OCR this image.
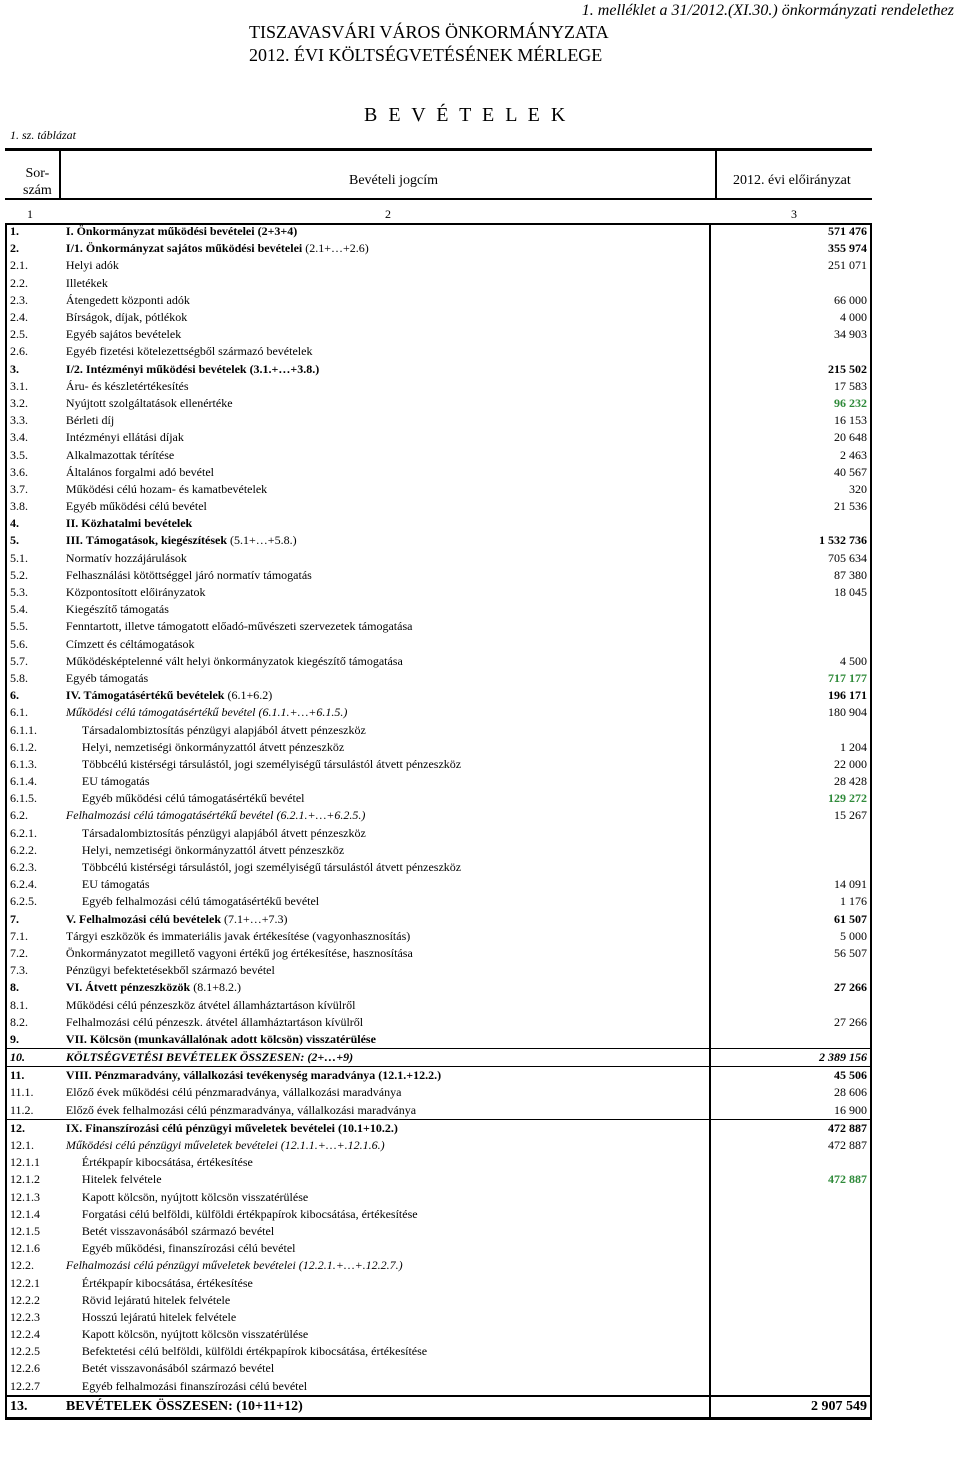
1. melléklet a 31/2012.(XI.30.) önkormányzati rendelethez
TISZAVASVÁRI VÁROS ÖNKORMÁNYZATA
2012. ÉVI KÖLTSÉGVETÉSÉNEK MÉRLEGE
B E V É T E L E K
1. sz. táblázat
Sor-
szám
Bevételi jogcím	2012. évi előirányzat
1	2	3
1.	I. Önkormányzat működési bevételei (2+3+4)	571 476
2.	I/1. Önkormányzat sajátos működési bevételei (2.1+…+2.6)	355 974
2.1.	Helyi adók	251 071
2.2.	Illetékek	
2.3.	Átengedett központi adók	66 000
2.4.	Bírságok, díjak, pótlékok	4 000
2.5.	Egyéb sajátos bevételek	34 903
2.6.	Egyéb fizetési kötelezettségből származó bevételek	
3.	I/2. Intézményi működési bevételek (3.1.+…+3.8.)	215 502
3.1.	Áru- és készletértékesítés	17 583
3.2.	Nyújtott szolgáltatások ellenértéke	96 232
3.3.	Bérleti díj	16 153
3.4.	Intézményi ellátási díjak	20 648
3.5.	Alkalmazottak térítése	2 463
3.6.	Általános forgalmi adó bevétel	40 567
3.7.	Működési célú hozam- és kamatbevételek	320
3.8.	Egyéb működési célú bevétel	21 536
4.	II. Közhatalmi bevételek	
5.	III. Támogatások, kiegészítések (5.1+…+5.8.)	1 532 736
5.1.	Normatív hozzájárulások	705 634
5.2.	Felhasználási kötöttséggel járó normatív támogatás	87 380
5.3.	Központosított előirányzatok	18 045
5.4.	Kiegészítő támogatás	
5.5.	Fenntartott, illetve támogatott előadó-művészeti szervezetek támogatása	
5.6.	Címzett és céltámogatások	
5.7.	Működésképtelenné vált helyi önkormányzatok kiegészítő támogatása	4 500
5.8.	Egyéb támogatás	717 177
6.	IV. Támogatásértékű bevételek (6.1+6.2)	196 171
6.1.	Működési célú támogatásértékű bevétel (6.1.1.+…+6.1.5.)	180 904
6.1.1.	Társadalombiztosítás pénzügyi alapjából átvett pénzeszköz	
6.1.2.	Helyi, nemzetiségi önkormányzattól átvett pénzeszköz	1 204
6.1.3.	Többcélú kistérségi társulástól, jogi személyiségű társulástól átvett pénzeszköz	22 000
6.1.4.	EU támogatás	28 428
6.1.5.	Egyéb működési célú támogatásértékű bevétel	129 272
6.2.	Felhalmozási célú támogatásértékű bevétel (6.2.1.+…+6.2.5.)	15 267
6.2.1.	Társadalombiztosítás pénzügyi alapjából átvett pénzeszköz	
6.2.2.	Helyi, nemzetiségi önkormányzattól átvett pénzeszköz	
6.2.3.	Többcélú kistérségi társulástól, jogi személyiségű társulástól átvett pénzeszköz	
6.2.4.	EU támogatás	14 091
6.2.5.	Egyéb felhalmozási célú támogatásértékű bevétel	1 176
7.	V. Felhalmozási célú bevételek (7.1+…+7.3)	61 507
7.1.	Tárgyi eszközök és immateriális javak értékesítése (vagyonhasznosítás)	5 000
7.2.	Önkormányzatot megillető vagyoni értékű jog értékesítése, hasznosítása	56 507
7.3.	Pénzügyi befektetésekből származó bevétel	
8.	VI. Átvett pénzeszközök (8.1+8.2.)	27 266
8.1.	Működési célú pénzeszköz átvétel államháztartáson kívülről	
8.2.	Felhalmozási célú pénzeszk. átvétel államháztartáson kívülről	27 266
9.	VII. Kölcsön (munkavállalónak adott kölcsön) visszatérülése	
10.	KÖLTSÉGVETÉSI BEVÉTELEK ÖSSZESEN: (2+…+9)	2 389 156
11.	VIII. Pénzmaradvány, vállalkozási tevékenység maradványa (12.1.+12.2.)	45 506
11.1.	Előző évek működési célú pénzmaradványa, vállalkozási maradványa	28 606
11.2.	Előző évek felhalmozási célú pénzmaradványa, vállalkozási maradványa	16 900
12.	IX. Finanszírozási célú pénzügyi műveletek bevételei (10.1+10.2.)	472 887
12.1.	Működési célú pénzügyi műveletek bevételei (12.1.1.+…+.12.1.6.)	472 887
12.1.1	Értékpapír kibocsátása, értékesítése	
12.1.2	Hitelek felvétele	472 887
12.1.3	Kapott kölcsön, nyújtott kölcsön visszatérülése	
12.1.4	Forgatási célú belföldi, külföldi értékpapírok kibocsátása, értékesítése	
12.1.5	Betét visszavonásából származó bevétel	
12.1.6	Egyéb működési, finanszírozási célú bevétel	
12.2.	Felhalmozási célú pénzügyi műveletek bevételei (12.2.1.+…+.12.2.7.)	
12.2.1	Értékpapír kibocsátása, értékesítése	
12.2.2	Rövid lejáratú hitelek felvétele	
12.2.3	Hosszú lejáratú hitelek felvétele	
12.2.4	Kapott kölcsön, nyújtott kölcsön visszatérülése	
12.2.5	Befektetési célú belföldi, külföldi értékpapírok kibocsátása, értékesítése	
12.2.6	Betét visszavonásából származó bevétel	
12.2.7	Egyéb felhalmozási finanszírozási célú bevétel	
13.	BEVÉTELEK ÖSSZESEN: (10+11+12)	2 907 549
